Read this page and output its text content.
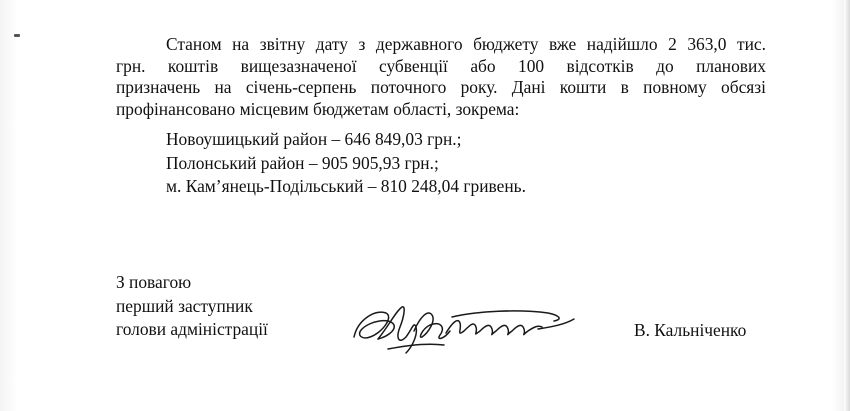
Станом на звітну дату з державного бюджету вже надійшло 2 363,0 тис.
грн. коштів вищезазначеної субвенції або 100 відсотків до планових
призначень на січень-серпень поточного року. Дані кошти в повному обсязі
профінансовано місцевим бюджетам області, зокрема:
Новоушицький район – 646 849,03 грн.;
Полонський район – 905 905,93 грн.;
м. Кам’янець-Подільський – 810 248,04 гривень.
З повагою
перший заступник
голови адміністрації	В. Кальніченко
